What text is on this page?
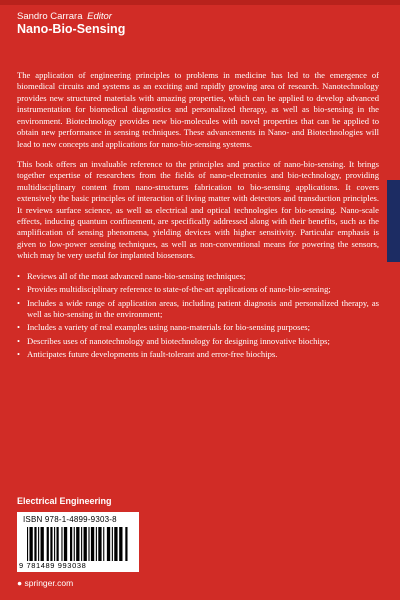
Sandro Carrara Editor
Nano-Bio-Sensing

The application of engineering principles to problems in medicine has led to the emergence of biomedical circuits and systems as an exciting and rapidly growing area of research. Nanotechnology provides new structured materials with amazing properties, which can be applied to develop advanced instrumentation for biomedical diagnostics and personalized therapy, as well as bio-sensing in the environment. Biotechnology provides new bio-molecules with novel properties that can be applied to obtain new performance in sensing techniques. These advancements in Nano- and Biotechnologies will lead to new concepts and applications for nano-bio-sensing systems.

This book offers an invaluable reference to the principles and practice of nano-bio-sensing. It brings together expertise of researchers from the fields of nano-electronics and bio-technology, providing multidisciplinary content from nano-structures fabrication to bio-sensing applications. It covers extensively the basic principles of interaction of living matter with detectors and transduction principles. It reviews surface science, as well as electrical and optical technologies for bio-sensing. Nano-scale effects, inducing quantum confinement, are specifically addressed along with their benefits, such as the amplification of sensing phenomena, yielding devices with higher sensitivity. Particular emphasis is given to low-power sensing techniques, as well as non-conventional means for powering the sensors, which may be very useful for implanted biosensors.

• Reviews all of the most advanced nano-bio-sensing techniques;
• Provides multidisciplinary reference to state-of-the-art applications of nano-bio-sensing;
• Includes a wide range of application areas, including patient diagnosis and personalized therapy, as well as bio-sensing in the environment;
• Includes a variety of real examples using nano-materials for bio-sensing purposes;
• Describes uses of nanotechnology and biotechnology for designing innovative biochips;
• Anticipates future developments in fault-tolerant and error-free biochips.
Electrical Engineering
ISBN 978-1-4899-9303-8
9 781489 993038
● springer.com
